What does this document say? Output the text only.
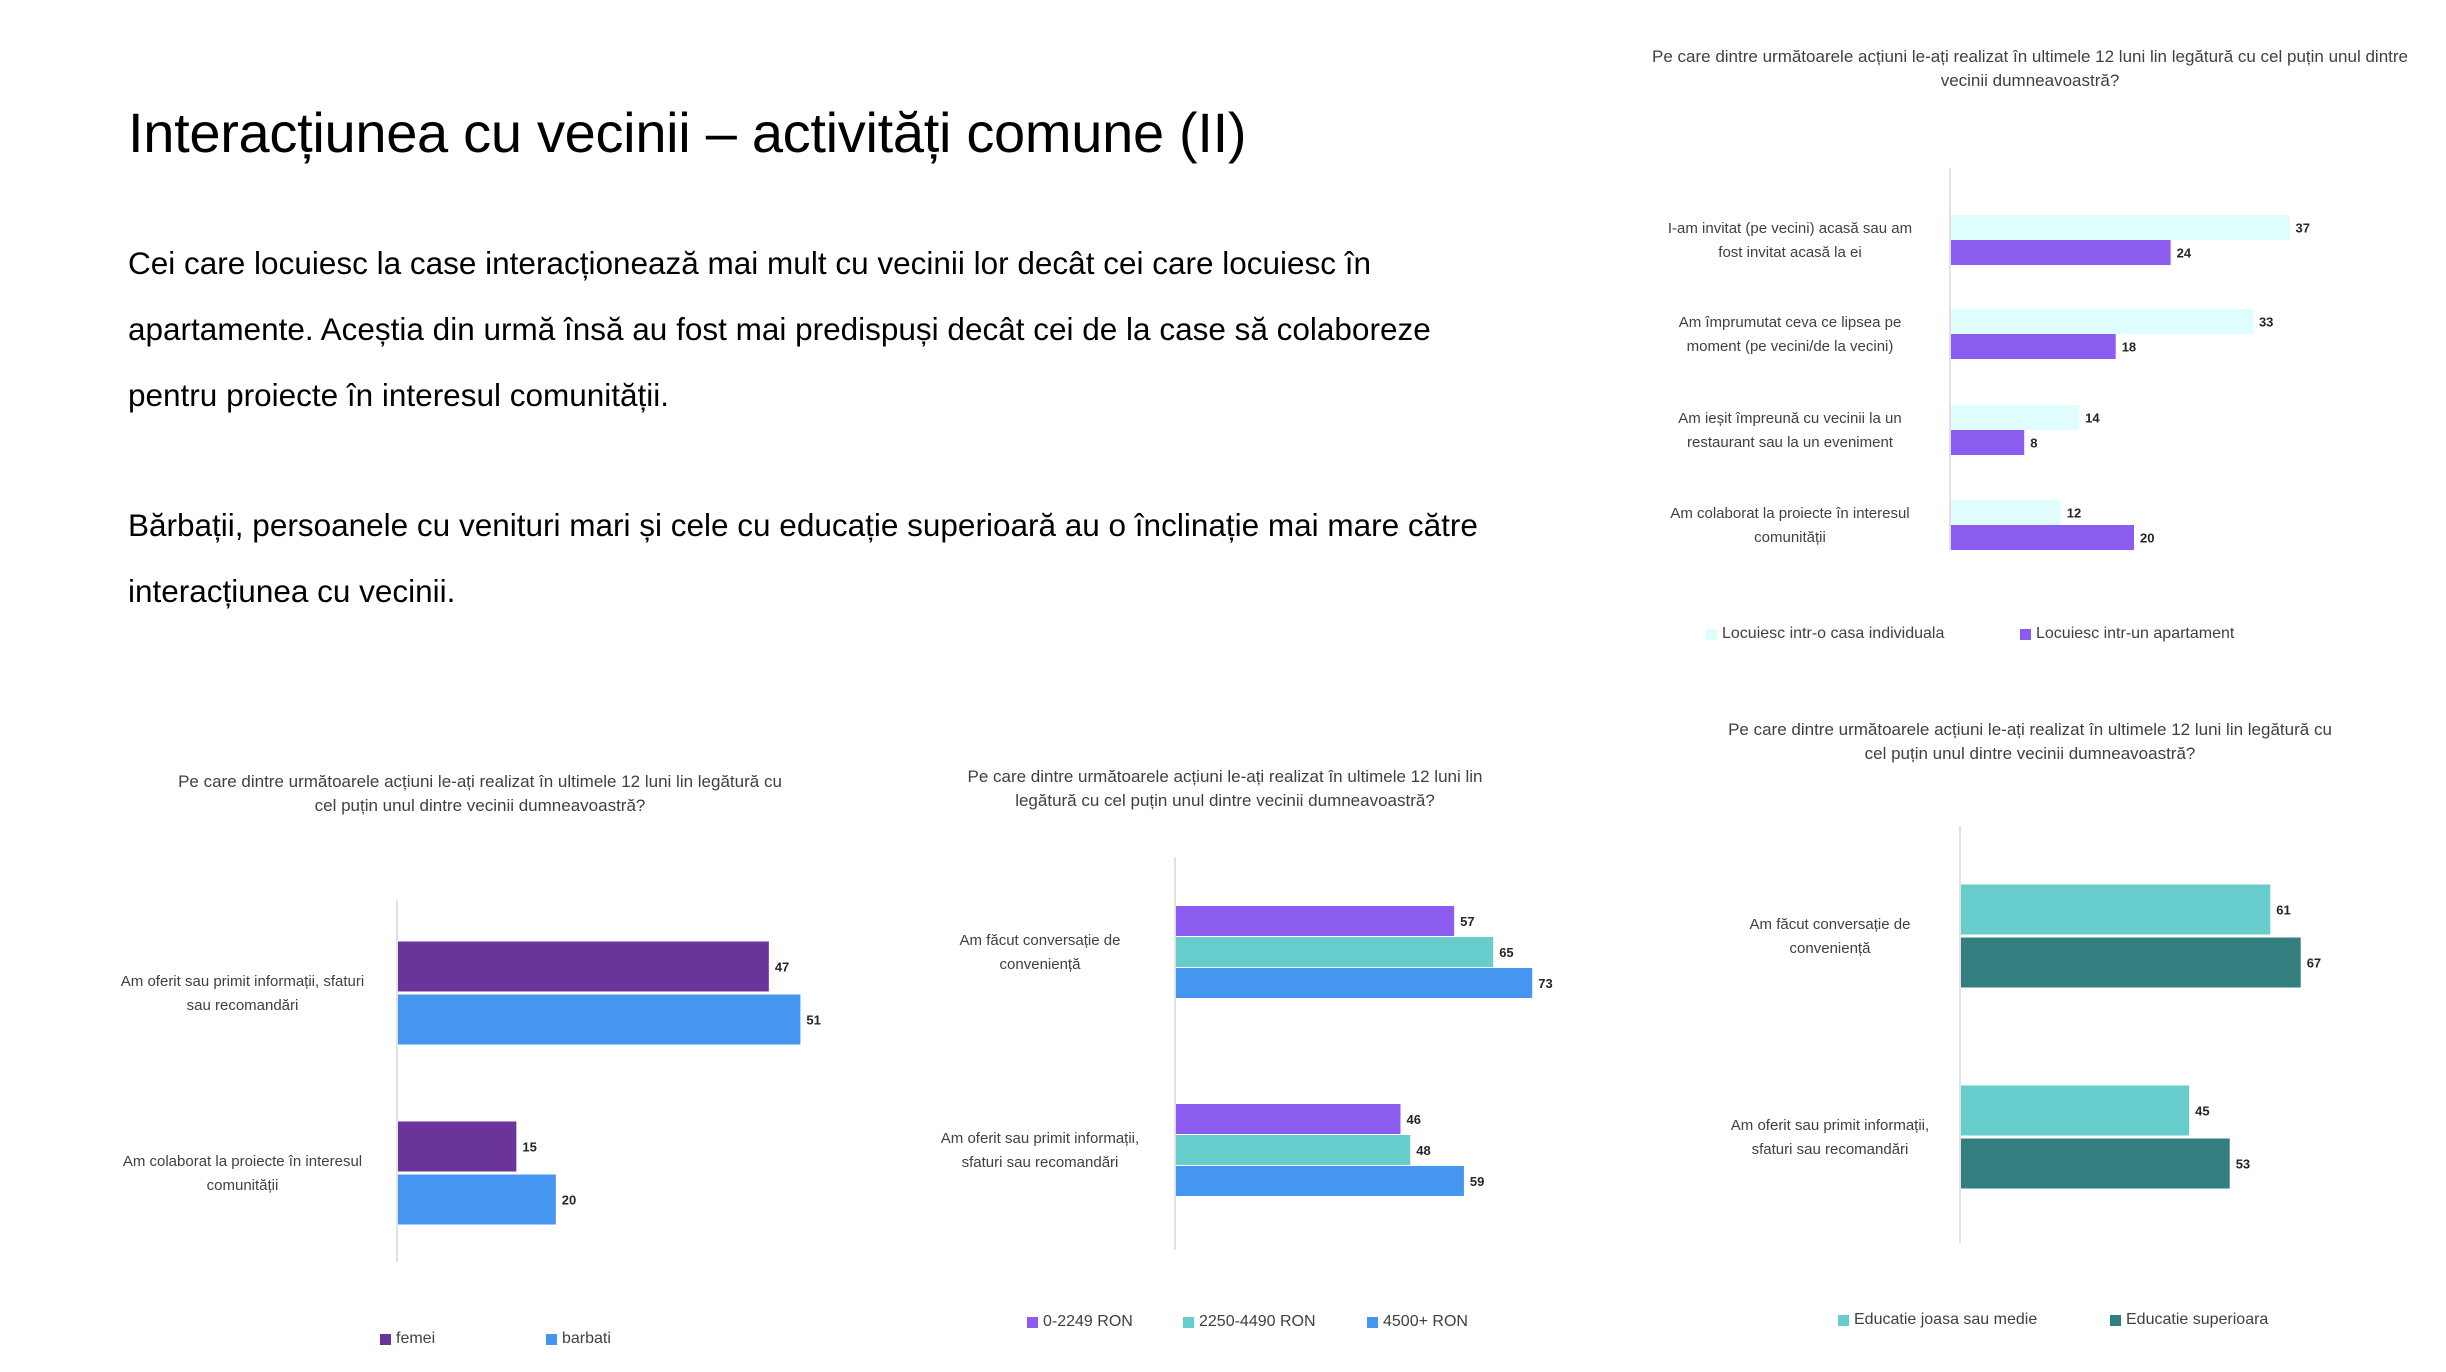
Interacțiunea cu vecinii – activități comune (II)
Cei care locuiesc la case interacționează mai mult cu vecinii lor decât cei care locuiesc în apartamente. Aceștia din urmă însă au fost mai predispuși decât cei de la case să colaboreze pentru proiecte în interesul comunității.
Bărbații, persoanele cu venituri mari și cele cu educație superioară au o înclinație mai mare către interacțiunea cu vecinii.
Pe care dintre următoarele acțiuni le-ați realizat în ultimele 12 luni lin legătură cu cel puțin unul dintre vecinii dumneavoastră?
I-am invitat (pe vecini) acasă sau am fost invitat acasă la ei
37
24
Am împrumutat ceva ce lipsea pe moment (pe vecini/de la vecini)
33
18
Am ieșit împreună cu vecinii la un restaurant sau la un eveniment
14
8
Am colaborat la proiecte în interesul comunității
12
20
Locuiesc intr-o casa individuala	Locuiesc intr-un apartament
Pe care dintre următoarele acțiuni le-ați realizat în ultimele 12 luni lin legătură cu cel puțin unul dintre vecinii dumneavoastră?
Am oferit sau primit informații, sfaturi sau recomandări
47
51
Am colaborat la proiecte în interesul comunității
15
20
femei	barbati
Pe care dintre următoarele acțiuni le-ați realizat în ultimele 12 luni lin legătură cu cel puțin unul dintre vecinii dumneavoastră?
Am făcut conversație de conveniență
57
65
73
Am oferit sau primit informații, sfaturi sau recomandări
46
48
59
0-2249 RON	2250-4490 RON	4500+ RON
Pe care dintre următoarele acțiuni le-ați realizat în ultimele 12 luni lin legătură cu cel puțin unul dintre vecinii dumneavoastră?
Am făcut conversație de conveniență
61
67
Am oferit sau primit informații, sfaturi sau recomandări
45
53
Educatie joasa sau medie	Educatie superioara
